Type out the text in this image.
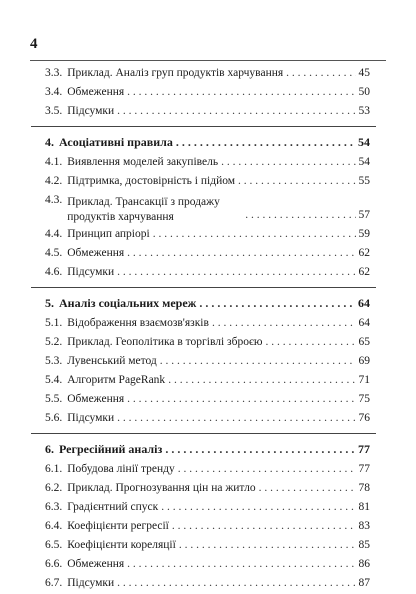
4
3.3. Приклад. Аналіз груп продуктів харчування . . .	45
3.4. Обмеження . . .	50
3.5. Підсумки . . .	53
4. Асоціативні правила . . .	54
4.1. Виявлення моделей закупівель . . .	54
4.2. Підтримка, достовірність і підйом . . .	55
4.3. Приклад. Трансакції з продажу продуктів харчування . . .	57
4.4. Принцип апріорі . . .	59
4.5. Обмеження . . .	62
4.6. Підсумки . . .	62
5. Аналіз соціальних мереж . . .	64
5.1. Відображення взаємозв'язків . . .	64
5.2. Приклад. Геополітика в торгівлі зброєю . . .	65
5.3. Лувенський метод . . .	69
5.4. Алгоритм PageRank . . .	71
5.5. Обмеження . . .	75
5.6. Підсумки . . .	76
6. Регресійний аналіз . . .	77
6.1. Побудова лінії тренду . . .	77
6.2. Приклад. Прогнозування цін на житло . . .	78
6.3. Градієнтний спуск . . .	81
6.4. Коефіцієнти регресії . . .	83
6.5. Коефіцієнти кореляції . . .	85
6.6. Обмеження . . .	86
6.7. Підсумки . . .	87
